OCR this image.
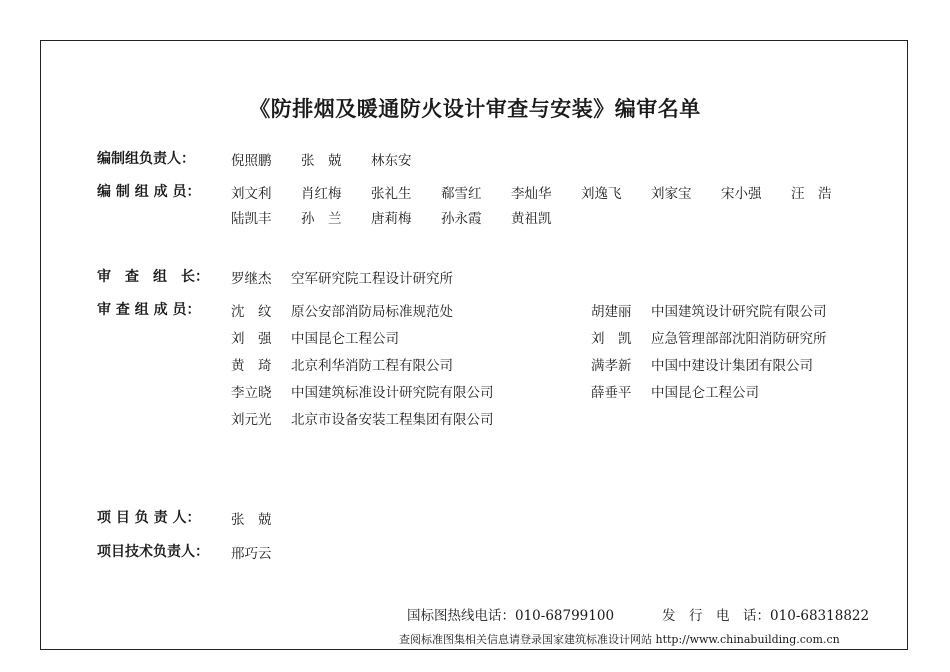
《防排烟及暖通防火设计审查与安装》编审名单
编制组负责人：	倪照鹏 张　兢 林东安
编 制 组 成 员： 刘文利 肖红梅 张礼生 郗雪红 李灿华 刘逸飞 刘家宝 宋小强 汪　浩
陆凯丰 孙　兰 唐莉梅 孙永霞 黄祖凯
审　查　组　长： 罗继杰 空军研究院工程设计研究所
审 查 组 成 员： 沈　纹 原公安部消防局标准规范处
刘　强 中国昆仑工程公司
黄　琦 北京利华消防工程有限公司
李立晓 中国建筑标准设计研究院有限公司
刘元光 北京市设备安装工程集团有限公司
胡建丽 中国建筑设计研究院有限公司
刘　凯 应急管理部部沈阳消防研究所
满孝新 中国中建设计集团有限公司
薛垂平 中国昆仑工程公司
项 目 负 责 人： 张　兢
项目技术负责人： 邢巧云
国标图热线电话：010-68799100	发　行　电　话：010-68318822
查阅标准图集相关信息请登录国家建筑标准设计网站 http://www.chinabuilding.com.cn
